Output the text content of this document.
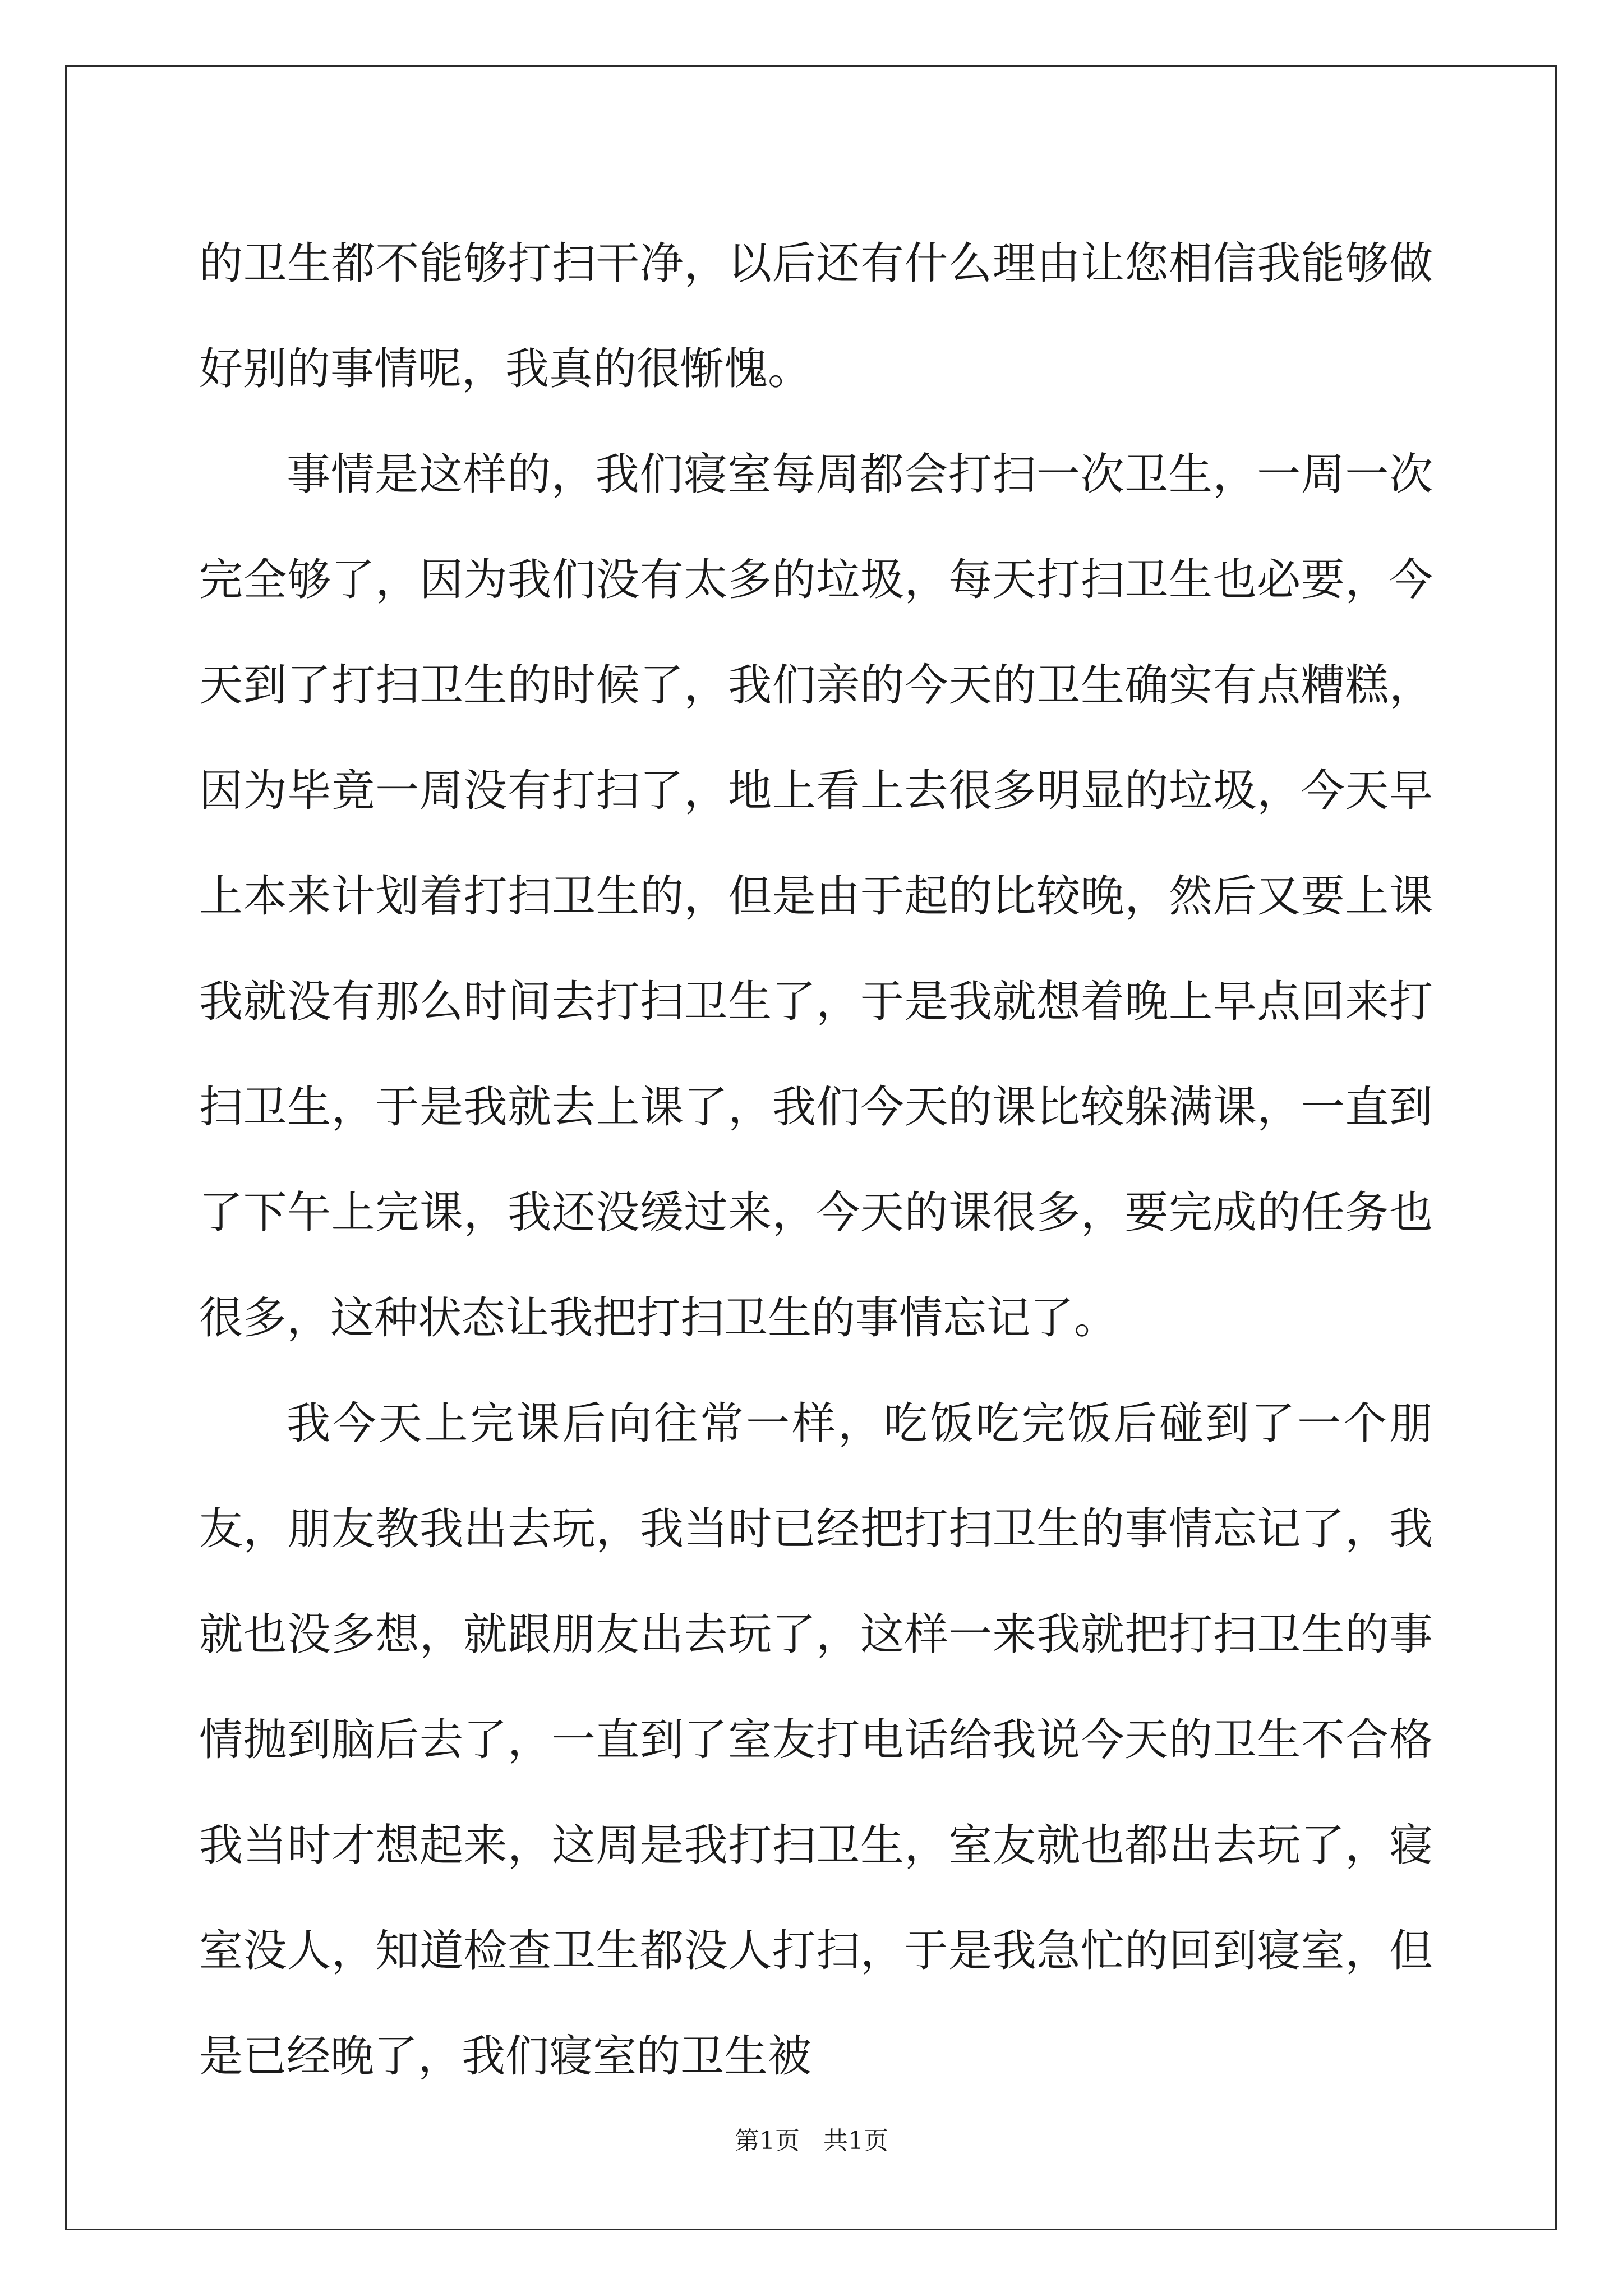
的卫生都不能够打扫干净，以后还有什么理由让您相信我能够做好别的事情呢，我真的很惭愧。

事情是这样的，我们寝室每周都会打扫一次卫生，一周一次完全够了，因为我们没有太多的垃圾，每天打扫卫生也必要，今天到了打扫卫生的时候了，我们亲的今天的卫生确实有点糟糕，因为毕竟一周没有打扫了，地上看上去很多明显的垃圾，今天早上本来计划着打扫卫生的，但是由于起的比较晚，然后又要上课我就没有那么时间去打扫卫生了，于是我就想着晚上早点回来打扫卫生，于是我就去上课了，我们今天的课比较躲满课，一直到了下午上完课，我还没缓过来，今天的课很多，要完成的任务也很多，这种状态让我把打扫卫生的事情忘记了。

我今天上完课后向往常一样，吃饭吃完饭后碰到了一个朋友，朋友教我出去玩，我当时已经把打扫卫生的事情忘记了，我就也没多想，就跟朋友出去玩了，这样一来我就把打扫卫生的事情抛到脑后去了，一直到了室友打电话给我说今天的卫生不合格我当时才想起来，这周是我打扫卫生，室友就也都出去玩了，寝室没人，知道检查卫生都没人打扫，于是我急忙的回到寝室，但是已经晚了，我们寝室的卫生被

第1页   共1页
